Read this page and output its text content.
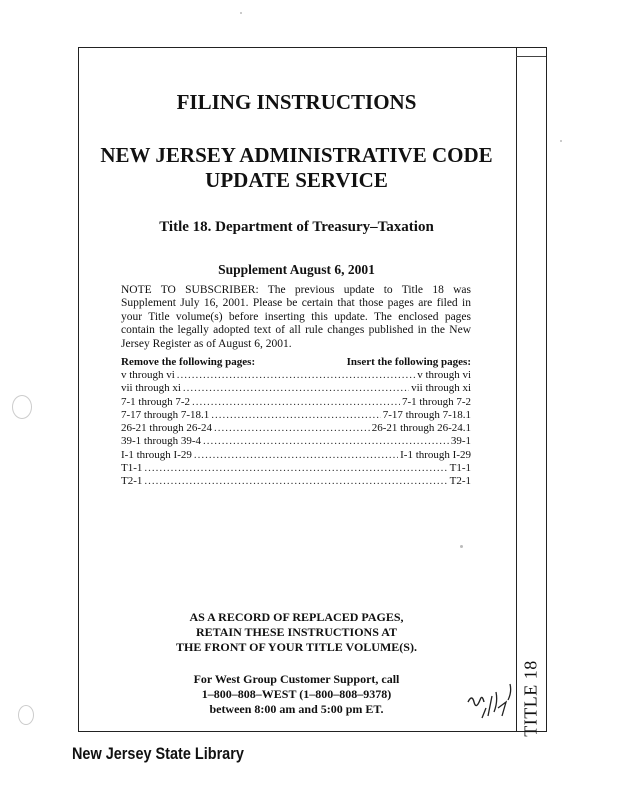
TITLE 18
FILING INSTRUCTIONS
NEW JERSEY ADMINISTRATIVE CODE
UPDATE SERVICE
Title 18. Department of Treasury–Taxation
Supplement August 6, 2001
NOTE TO SUBSCRIBER: The previous update to Title 18 was Supplement July 16, 2001. Please be certain that those pages are filed in your Title volume(s) before inserting this update. The enclosed pages contain the legally adopted text of all rule changes published in the New Jersey Register as of August 6, 2001.
Remove the following pages:	Insert the following pages:
v through vi .....	v through vi
vii through xi .....	vii through xi
7-1 through 7-2 .....	7-1 through 7-2
7-17 through 7-18.1 .....	7-17 through 7-18.1
26-21 through 26-24 .....	26-21 through 26-24.1
39-1 through 39-4 .....	39-1
I-1 through I-29 .....	I-1 through I-29
T1-1 .....	T1-1
T2-1 .....	T2-1
AS A RECORD OF REPLACED PAGES,
RETAIN THESE INSTRUCTIONS AT
THE FRONT OF YOUR TITLE VOLUME(S).
For West Group Customer Support, call
1–800–808–WEST (1–800–808–9378)
between 8:00 am and 5:00 pm ET.
New Jersey State Library
